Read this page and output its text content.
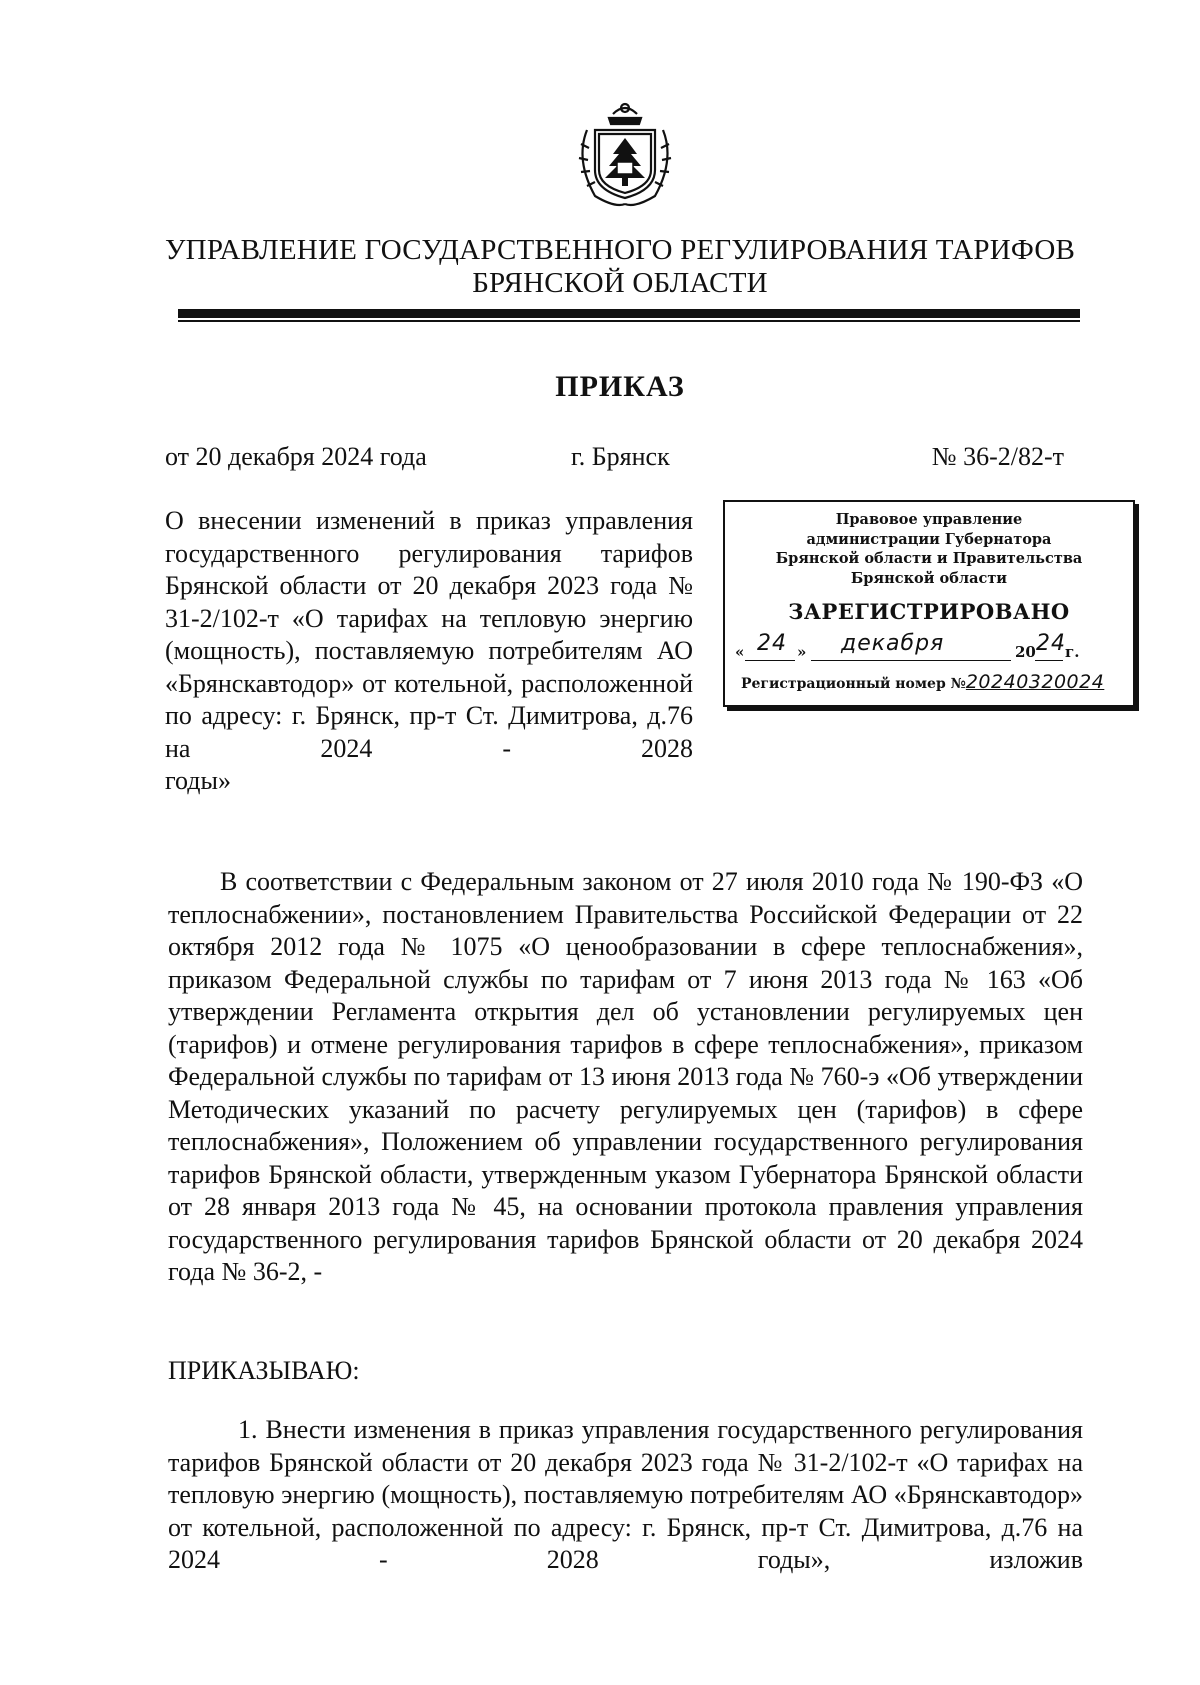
УПРАВЛЕНИЕ ГОСУДАРСТВЕННОГО РЕГУЛИРОВАНИЯ ТАРИФОВ
БРЯНСКОЙ ОБЛАСТИ
ПРИКАЗ
от 20 декабря 2024 года	г. Брянск	№ 36-2/82-т
О внесении изменений в приказ управления государственного регулирования тарифов Брянской области от 20 декабря 2023 года № 31-2/102-т «О тарифах на тепловую энергию (мощность), поставляемую потребителям АО «Брянскавтодор» от котельной, расположенной по адресу: г. Брянск, пр-т Ст. Димитрова, д.76 на 2024 - 2028
годы»
Правовое управление
администрации Губернатора
Брянской области и Правительства
Брянской области
ЗАРЕГИСТРИРОВАНО
« 24 » декабря	20 24 г.
Регистрационный номер №20240320024
В соответствии с Федеральным законом от 27 июля 2010 года № 190-ФЗ «О теплоснабжении», постановлением Правительства Российской Федерации от 22 октября 2012 года № 1075 «О ценообразовании в сфере теплоснабжения», приказом Федеральной службы по тарифам от 7 июня 2013 года № 163 «Об утверждении Регламента открытия дел об установлении регулируемых цен (тарифов) и отмене регулирования тарифов в сфере теплоснабжения», приказом Федеральной службы по тарифам от 13 июня 2013 года № 760-э «Об утверждении Методических указаний по расчету регулируемых цен (тарифов) в сфере теплоснабжения», Положением об управлении государственного регулирования тарифов Брянской области, утвержденным указом Губернатора Брянской области от 28 января 2013 года № 45, на основании протокола правления управления государственного регулирования тарифов Брянской области от 20 декабря 2024 года № 36-2, -
ПРИКАЗЫВАЮ:
1. Внести изменения в приказ управления государственного регулирования тарифов Брянской области от 20 декабря 2023 года № 31-2/102-т «О тарифах на тепловую энергию (мощность), поставляемую потребителям АО «Брянскавтодор» от котельной, расположенной по адресу: г. Брянск, пр-т Ст. Димитрова, д.76 на 2024 - 2028 годы», изложив
